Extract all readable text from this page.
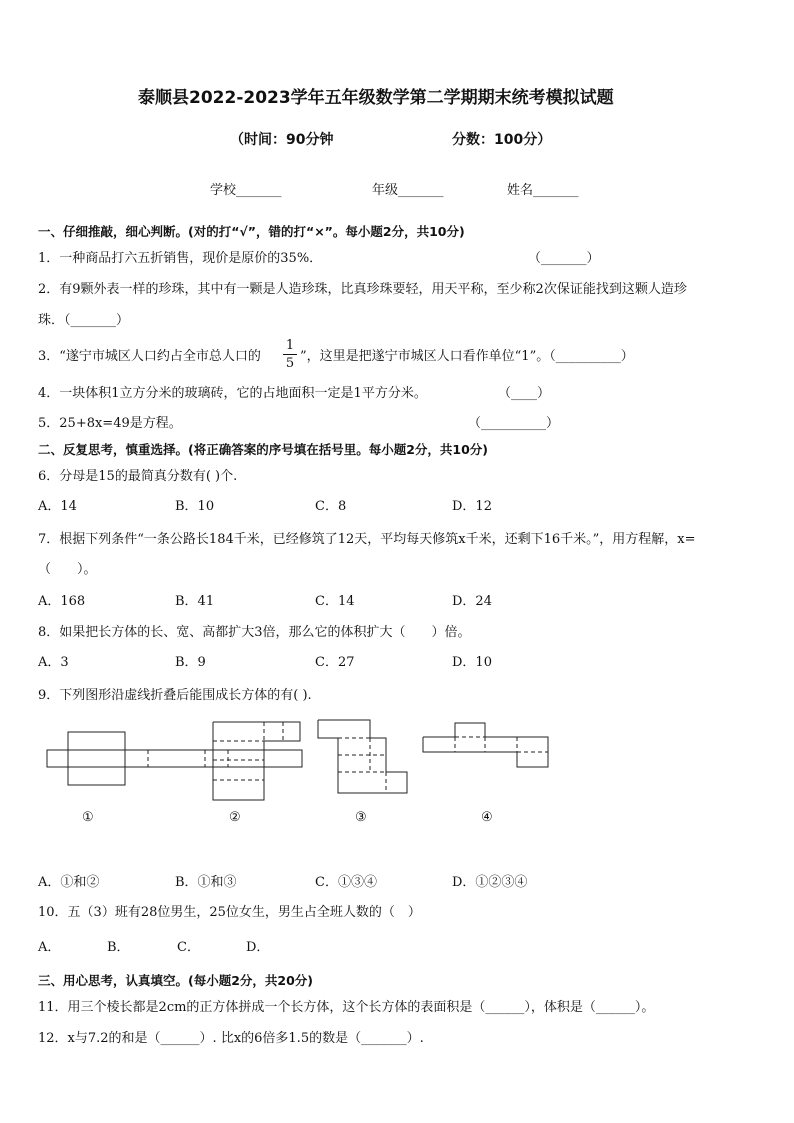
泰顺县2022-2023学年五年级数学第二学期期末统考模拟试题
（时间：90分钟	分数：100分）
学校_______	年级_______	姓名_______
一、仔细推敲，细心判断。(对的打“√”，错的打“×”。每小题2分，共10分)
1．一种商品打六五折销售，现价是原价的35%．	（_______）
2．有9颗外表一样的珍珠，其中有一颗是人造珍珠，比真珍珠要轻，用天平称，至少称2次保证能找到这颗人造珍
珠．（_______）
3．“遂宁市城区人口约占全市总人口的
1
5 ”，这里是把遂宁市城区人口看作单位“1”。（__________）
4．一块体积1立方分米的玻璃砖，它的占地面积一定是1平方分米。	（____）
5．25+8x=49是方程。	（__________）
二、反复思考，慎重选择。(将正确答案的序号填在括号里。每小题2分，共10分)
6．分母是15的最简真分数有( )个.
A．14	B．10	C．8	D．12
7．根据下列条件“一条公路长184千米，已经修筑了12天，平均每天修筑x千米，还剩下16千米。”，用方程解，x=
（　　）。
A．168	B．41	C．14	D．24
8．如果把长方体的长、宽、高都扩大3倍，那么它的体积扩大（　　）倍。
A．3	B．9	C．27	D．10
9．下列图形沿虚线折叠后能围成长方体的有( ).
①	②	③	④
A．①和②	B．①和③	C．①③④	D．①②③④
10．五（3）班有28位男生，25位女生，男生占全班人数的（　）
A．	B．	C．	D．
三、用心思考，认真填空。(每小题2分，共20分)
11．用三个棱长都是2cm的正方体拼成一个长方体，这个长方体的表面积是（______），体积是（______）。
12．x与7.2的和是（______）. 比x的6倍多1.5的数是（_______）.
